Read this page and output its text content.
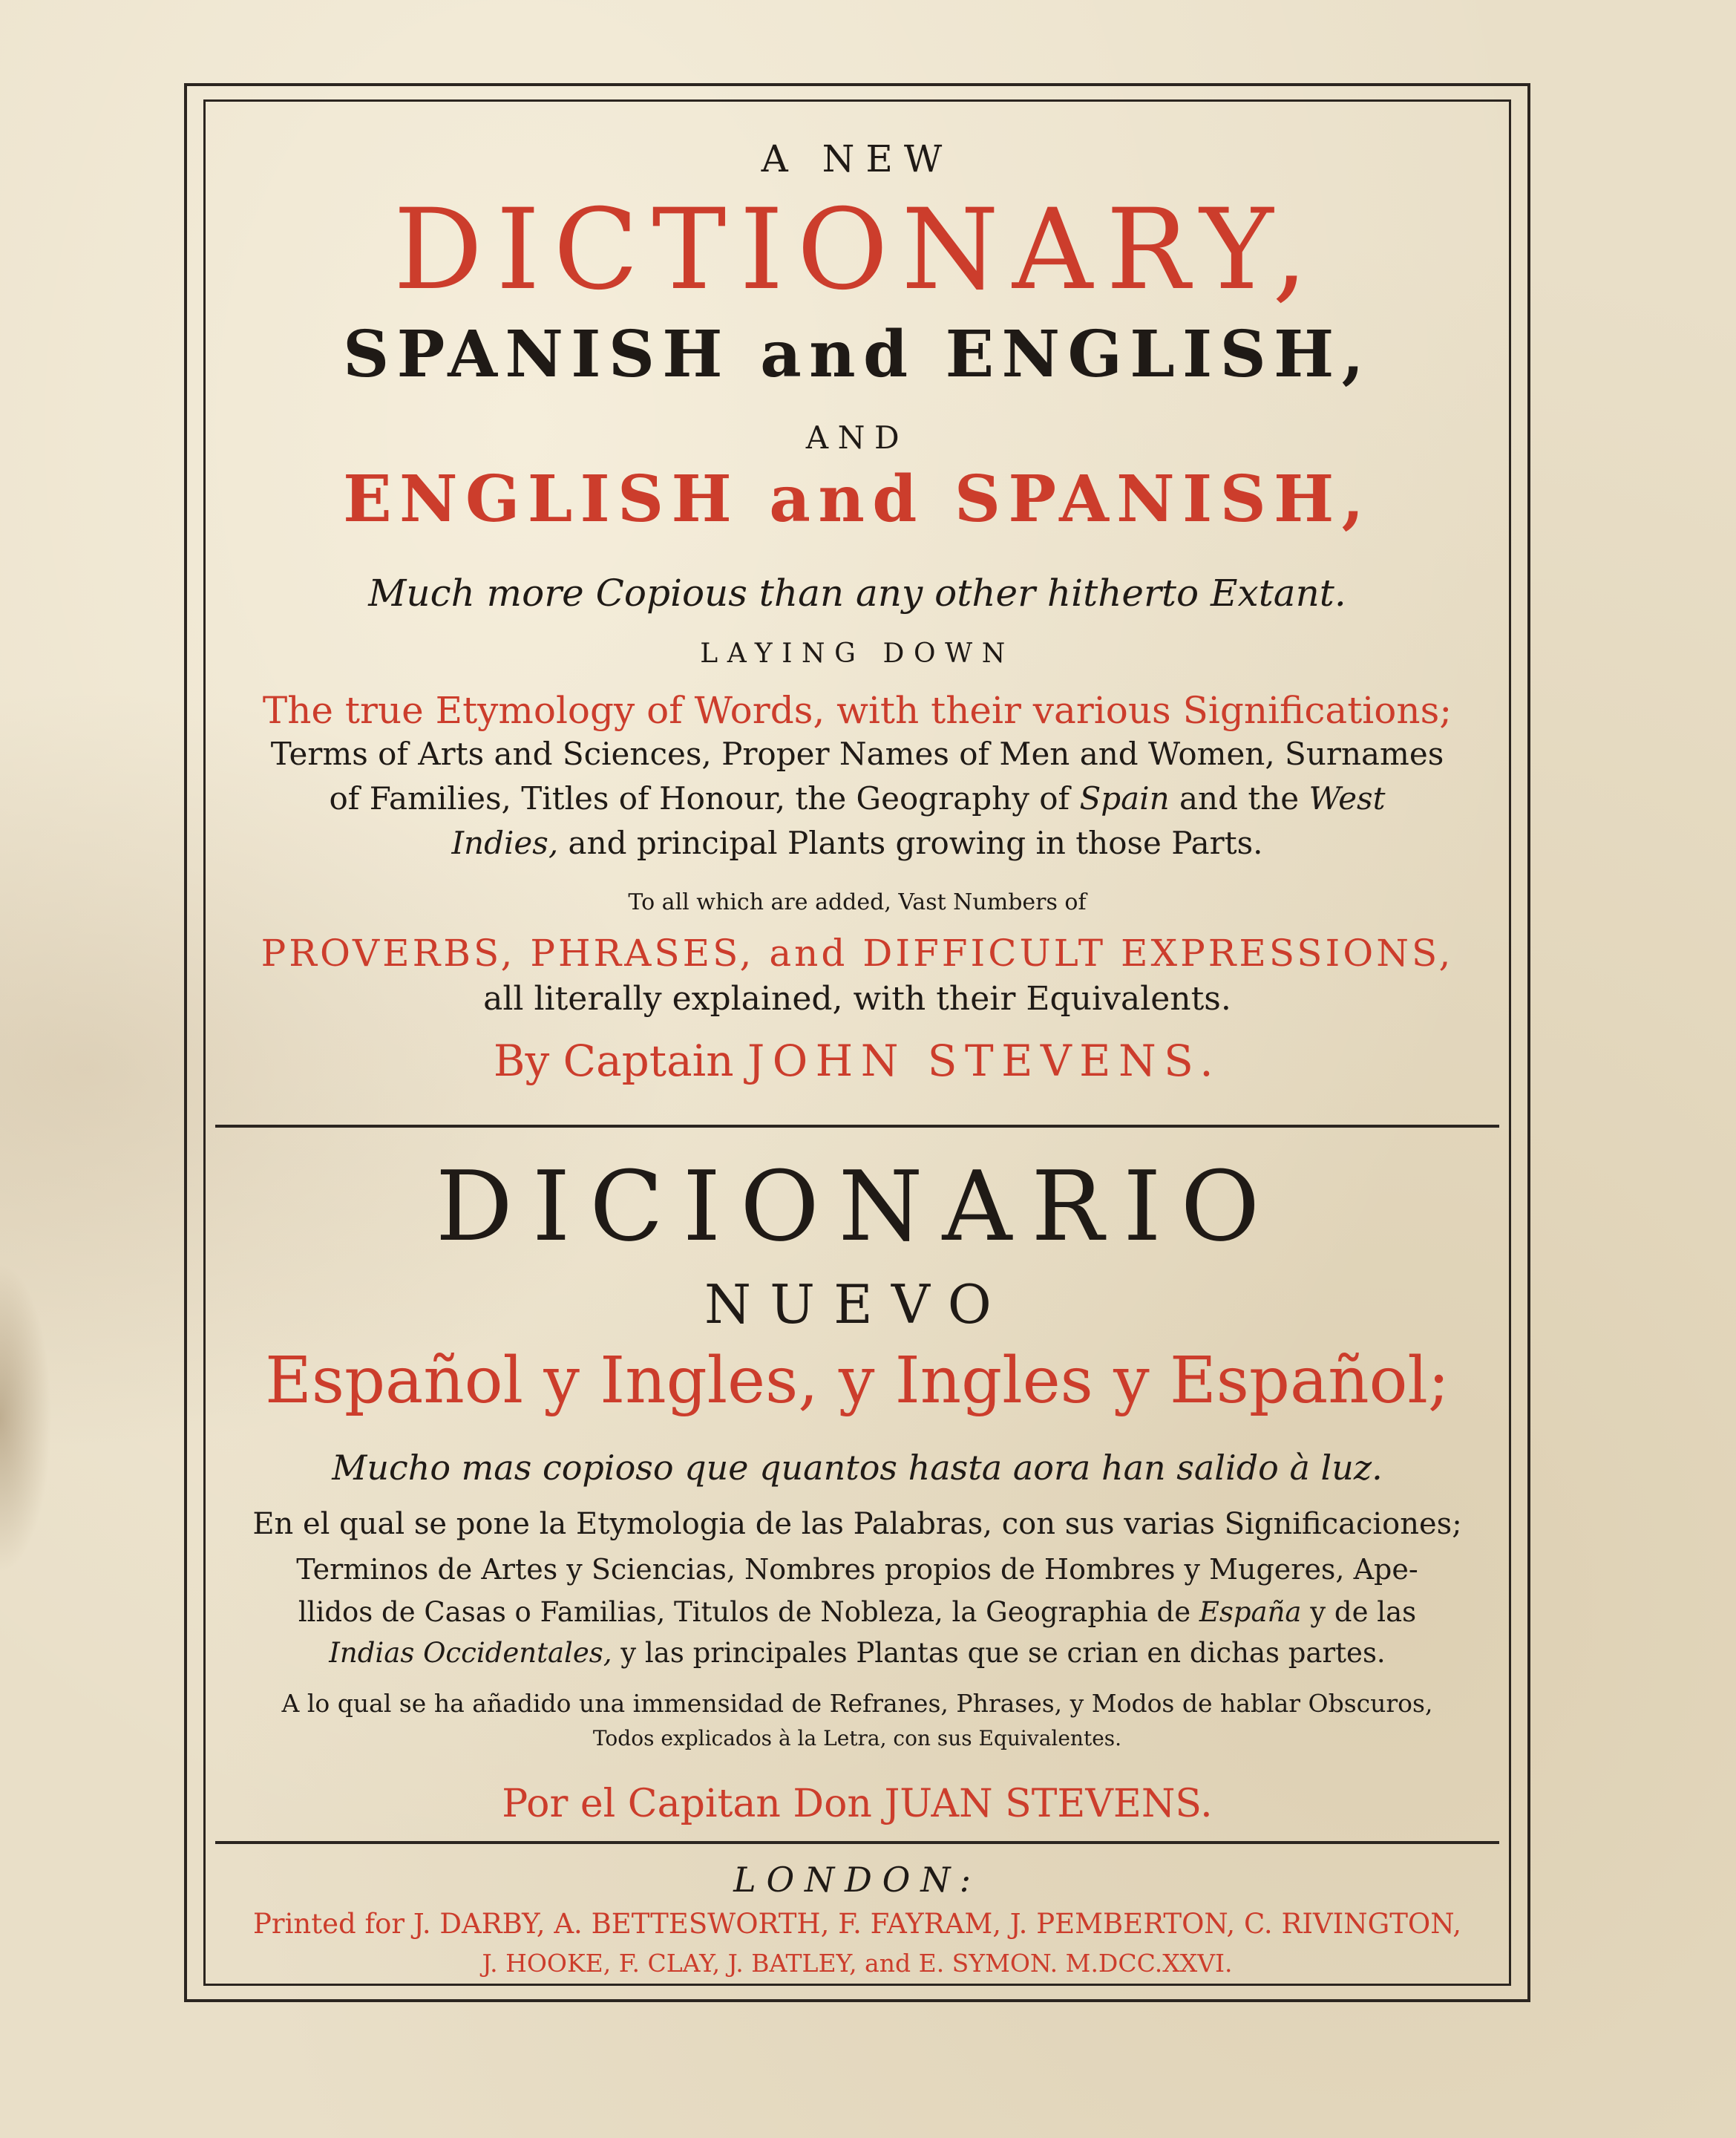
A NEW
DICTIONARY,
SPANISH and ENGLISH,
AND
ENGLISH and SPANISH,
Much more Copious than any other hitherto Extant.
LAYING DOWN
The true Etymology of Words, with their various Significations;
Terms of Arts and Sciences, Proper Names of Men and Women, Surnames
of Families, Titles of Honour, the Geography of Spain and the West
Indies, and principal Plants growing in those Parts.
To all which are added, Vast Numbers of
PROVERBS, PHRASES, and DIFFICULT EXPRESSIONS,
all literally explained, with their Equivalents.
By Captain JOHN STEVENS.
DICIONARIO
NUEVO
Español y Ingles, y Ingles y Español;
Mucho mas copioso que quantos hasta aora han salido à luz.
En el qual se pone la Etymologia de las Palabras, con sus varias Significaciones;
Terminos de Artes y Sciencias, Nombres propios de Hombres y Mugeres, Ape-
llidos de Casas o Familias, Titulos de Nobleza, la Geographia de España y de las
Indias Occidentales, y las principales Plantas que se crian en dichas partes.
A lo qual se ha añadido una immensidad de Refranes, Phrases, y Modos de hablar Obscuros,
Todos explicados à la Letra, con sus Equivalentes.
Por el Capitan Don JUAN STEVENS.
LONDON:
Printed for J. DARBY, A. BETTESWORTH, F. FAYRAM, J. PEMBERTON, C. RIVINGTON,
J. HOOKE, F. CLAY, J. BATLEY, and E. SYMON. M.DCC.XXVI.
